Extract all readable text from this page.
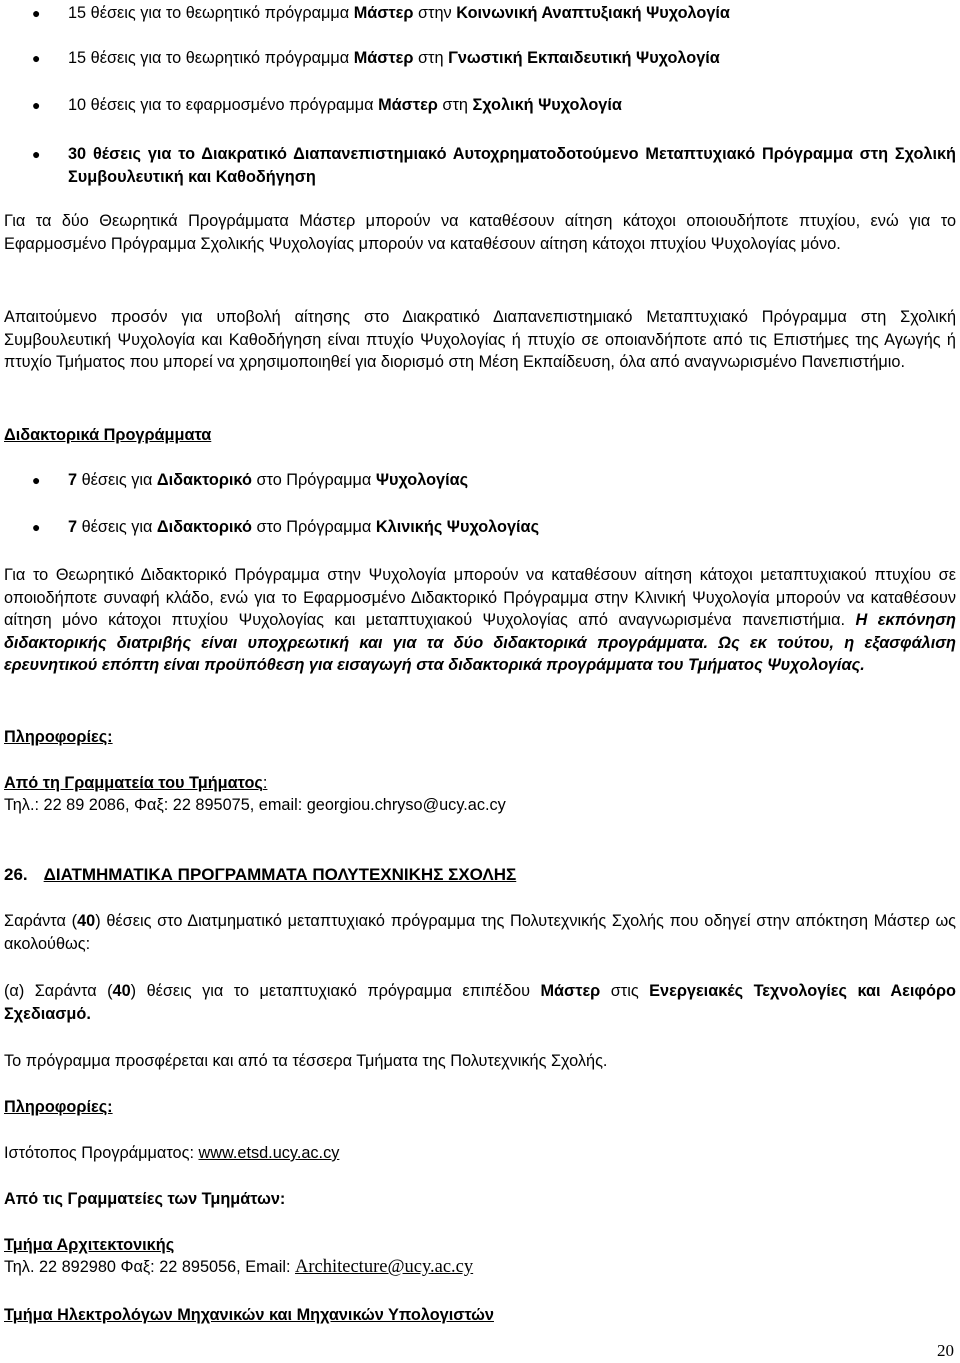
● 15 θέσεις για το θεωρητικό πρόγραμμα Μάστερ στην Κοινωνική Αναπτυξιακή Ψυχολογία
● 15 θέσεις για το θεωρητικό πρόγραμμα Μάστερ στη Γνωστική Εκπαιδευτική Ψυχολογία
● 10 θέσεις για το εφαρμοσμένο πρόγραμμα Μάστερ στη Σχολική Ψυχολογία
● 30 θέσεις για το Διακρατικό Διαπανεπιστημιακό Αυτοχρηματοδοτούμενο Μεταπτυχιακό Πρόγραμμα στη Σχολική Συμβουλευτική και Καθοδήγηση
Για τα δύο Θεωρητικά Προγράμματα Μάστερ μπορούν να καταθέσουν αίτηση κάτοχοι οποιουδήποτε πτυχίου, ενώ για το Εφαρμοσμένο Πρόγραμμα Σχολικής Ψυχολογίας μπορούν να καταθέσουν αίτηση κάτοχοι πτυχίου Ψυχολογίας μόνο.
Απαιτούμενο προσόν για υποβολή αίτησης στο Διακρατικό Διαπανεπιστημιακό Μεταπτυχιακό Πρόγραμμα στη Σχολική Συμβουλευτική Ψυχολογία και Καθοδήγηση είναι πτυχίο Ψυχολογίας ή πτυχίο σε οποιανδήποτε από τις Επιστήμες της Αγωγής ή πτυχίο Τμήματος που μπορεί να χρησιμοποιηθεί για διορισμό στη Μέση Εκπαίδευση, όλα από αναγνωρισμένο Πανεπιστήμιο.
Διδακτορικά Προγράμματα
● 7 θέσεις για Διδακτορικό στο Πρόγραμμα Ψυχολογίας
● 7 θέσεις για Διδακτορικό στο Πρόγραμμα Κλινικής Ψυχολογίας
Για το Θεωρητικό Διδακτορικό Πρόγραμμα στην Ψυχολογία μπορούν να καταθέσουν αίτηση κάτοχοι μεταπτυχιακού πτυχίου σε οποιοδήποτε συναφή κλάδο, ενώ για το Εφαρμοσμένο Διδακτορικό Πρόγραμμα στην Κλινική Ψυχολογία μπορούν να καταθέσουν αίτηση μόνο κάτοχοι πτυχίου Ψυχολογίας και μεταπτυχιακού Ψυχολογίας από αναγνωρισμένα πανεπιστήμια. Η εκπόνηση διδακτορικής διατριβής είναι υποχρεωτική και για τα δύο διδακτορικά προγράμματα. Ως εκ τούτου, η εξασφάλιση ερευνητικού επόπτη είναι προϋπόθεση για εισαγωγή στα διδακτορικά προγράμματα του Τμήματος Ψυχολογίας.
Πληροφορίες:
Από τη Γραμματεία του Τμήματος:
Τηλ.: 22 89 2086, Φαξ: 22 895075, email: georgiou.chryso@ucy.ac.cy
26. ΔΙΑΤΜΗΜΑΤΙΚΑ ΠΡΟΓΡΑΜΜΑΤΑ ΠΟΛΥΤΕΧΝΙΚΗΣ ΣΧΟΛΗΣ
Σαράντα (40) θέσεις στο Διατμηματικό μεταπτυχιακό πρόγραμμα της Πολυτεχνικής Σχολής που οδηγεί στην απόκτηση Μάστερ ως ακολούθως:
(α) Σαράντα (40) θέσεις για το μεταπτυχιακό πρόγραμμα επιπέδου Μάστερ στις Ενεργειακές Τεχνολογίες και Αειφόρο Σχεδιασμό.
Το πρόγραμμα προσφέρεται και από τα τέσσερα Τμήματα της Πολυτεχνικής Σχολής.
Πληροφορίες:
Ιστότοπος Προγράμματος: www.etsd.ucy.ac.cy
Από τις Γραμματείες των Τμημάτων:
Τμήμα Αρχιτεκτονικής
Τηλ. 22 892980 Φαξ: 22 895056, Email: Architecture@ucy.ac.cy
Τμήμα Ηλεκτρολόγων Μηχανικών και Μηχανικών Υπολογιστών
20
